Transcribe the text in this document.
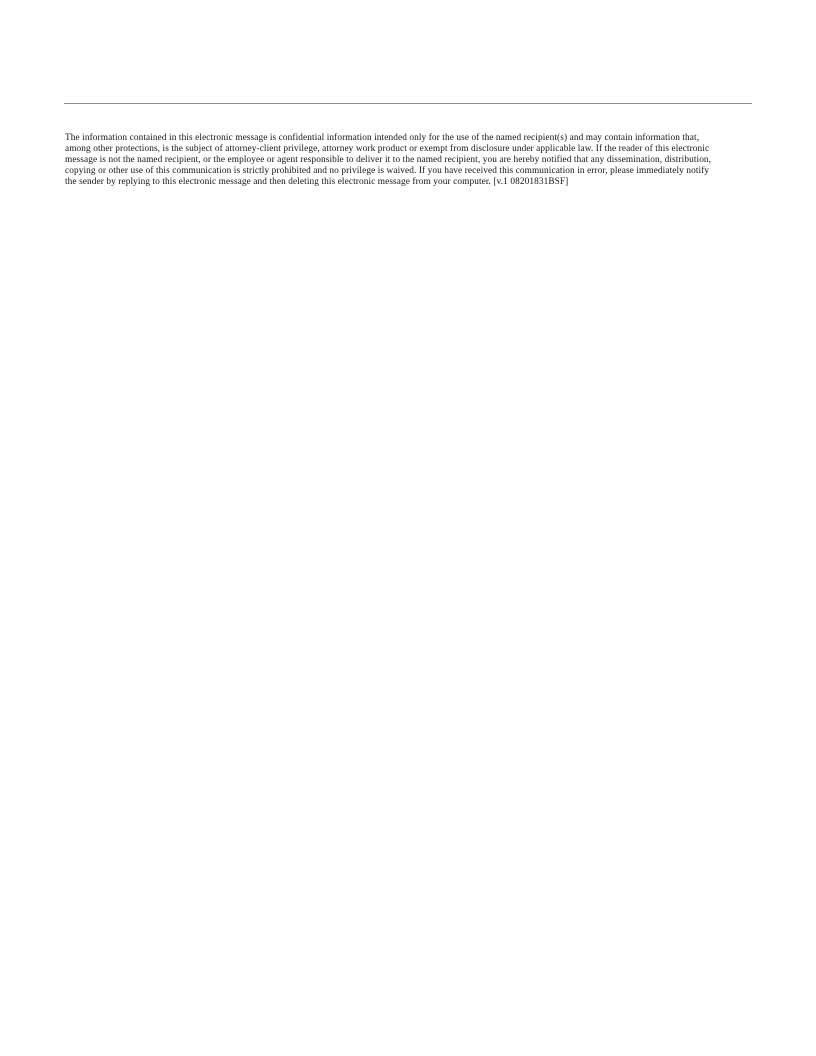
The information contained in this electronic message is confidential information intended only for the use of the named recipient(s) and may contain information that,
among other protections, is the subject of attorney-client privilege, attorney work product or exempt from disclosure under applicable law. If the reader of this electronic
message is not the named recipient, or the employee or agent responsible to deliver it to the named recipient, you are hereby notified that any dissemination, distribution,
copying or other use of this communication is strictly prohibited and no privilege is waived. If you have received this communication in error, please immediately notify
the sender by replying to this electronic message and then deleting this electronic message from your computer. [v.1 08201831BSF]
